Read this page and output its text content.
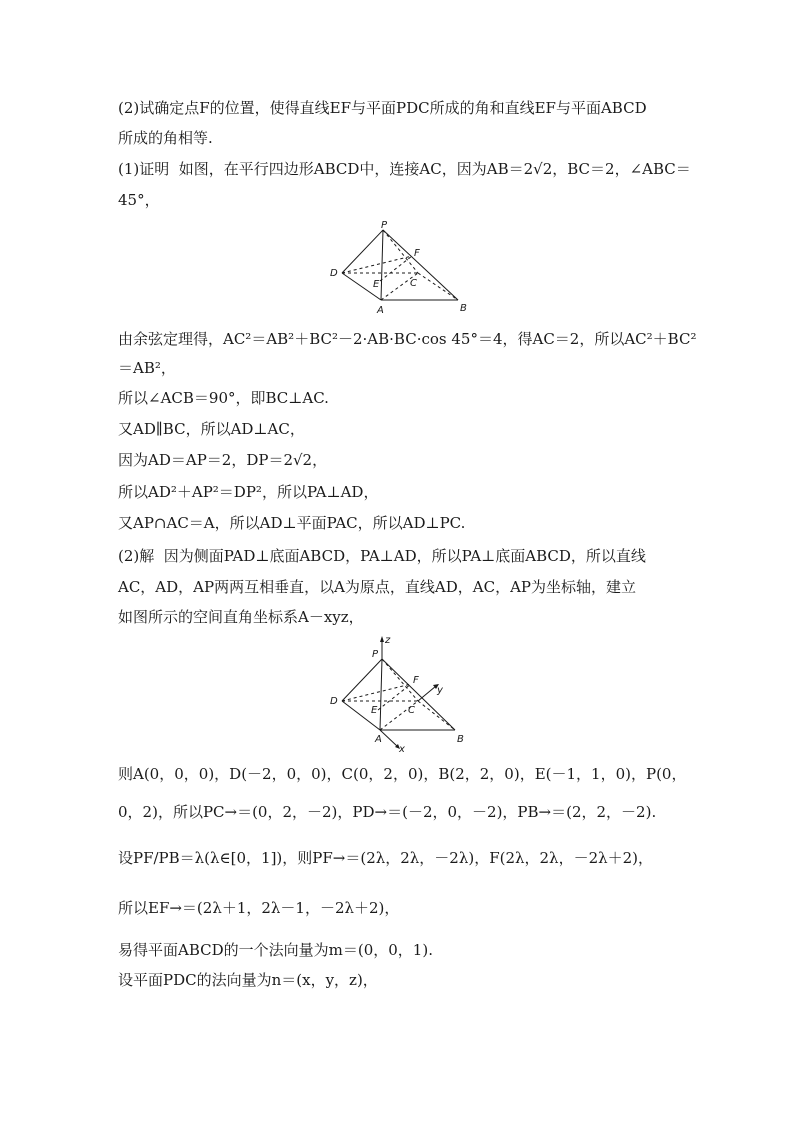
(2)试确定点F的位置，使得直线EF与平面PDC所成的角和直线EF与平面ABCD
所成的角相等.
(1)证明 如图，在平行四边形ABCD中，连接AC，因为AB＝2√2，BC＝2，∠ABC＝
45°，
P
D
E
F
C
A	B
由余弦定理得，AC²＝AB²＋BC²－2·AB·BC·cos 45°＝4，得AC＝2，所以AC²＋BC²
＝AB²，
所以∠ACB＝90°，即BC⊥AC.
又AD∥BC，所以AD⊥AC，
因为AD＝AP＝2，DP＝2√2，
所以AD²＋AP²＝DP²，所以PA⊥AD，
又AP∩AC＝A，所以AD⊥平面PAC，所以AD⊥PC.
(2)解 因为侧面PAD⊥底面ABCD，PA⊥AD，所以PA⊥底面ABCD，所以直线
AC，AD，AP两两互相垂直，以A为原点，直线AD，AC，AP为坐标轴，建立
如图所示的空间直角坐标系A－xyz，
z
P
D
E
F
C
y
A	B
x
则A(0，0，0)，D(－2，0，0)，C(0，2，0)，B(2，2，0)，E(－1，1，0)，P(0，
0，2)，所以PC→＝(0，2，－2)，PD→＝(－2，0，－2)，PB→＝(2，2，－2).
设PF/PB＝λ(λ∈[0，1])，则PF→＝(2λ，2λ，－2λ)，F(2λ，2λ，－2λ＋2)，
所以EF→＝(2λ＋1，2λ－1，－2λ＋2)，
易得平面ABCD的一个法向量为m＝(0，0，1).
设平面PDC的法向量为n＝(x，y，z)，
